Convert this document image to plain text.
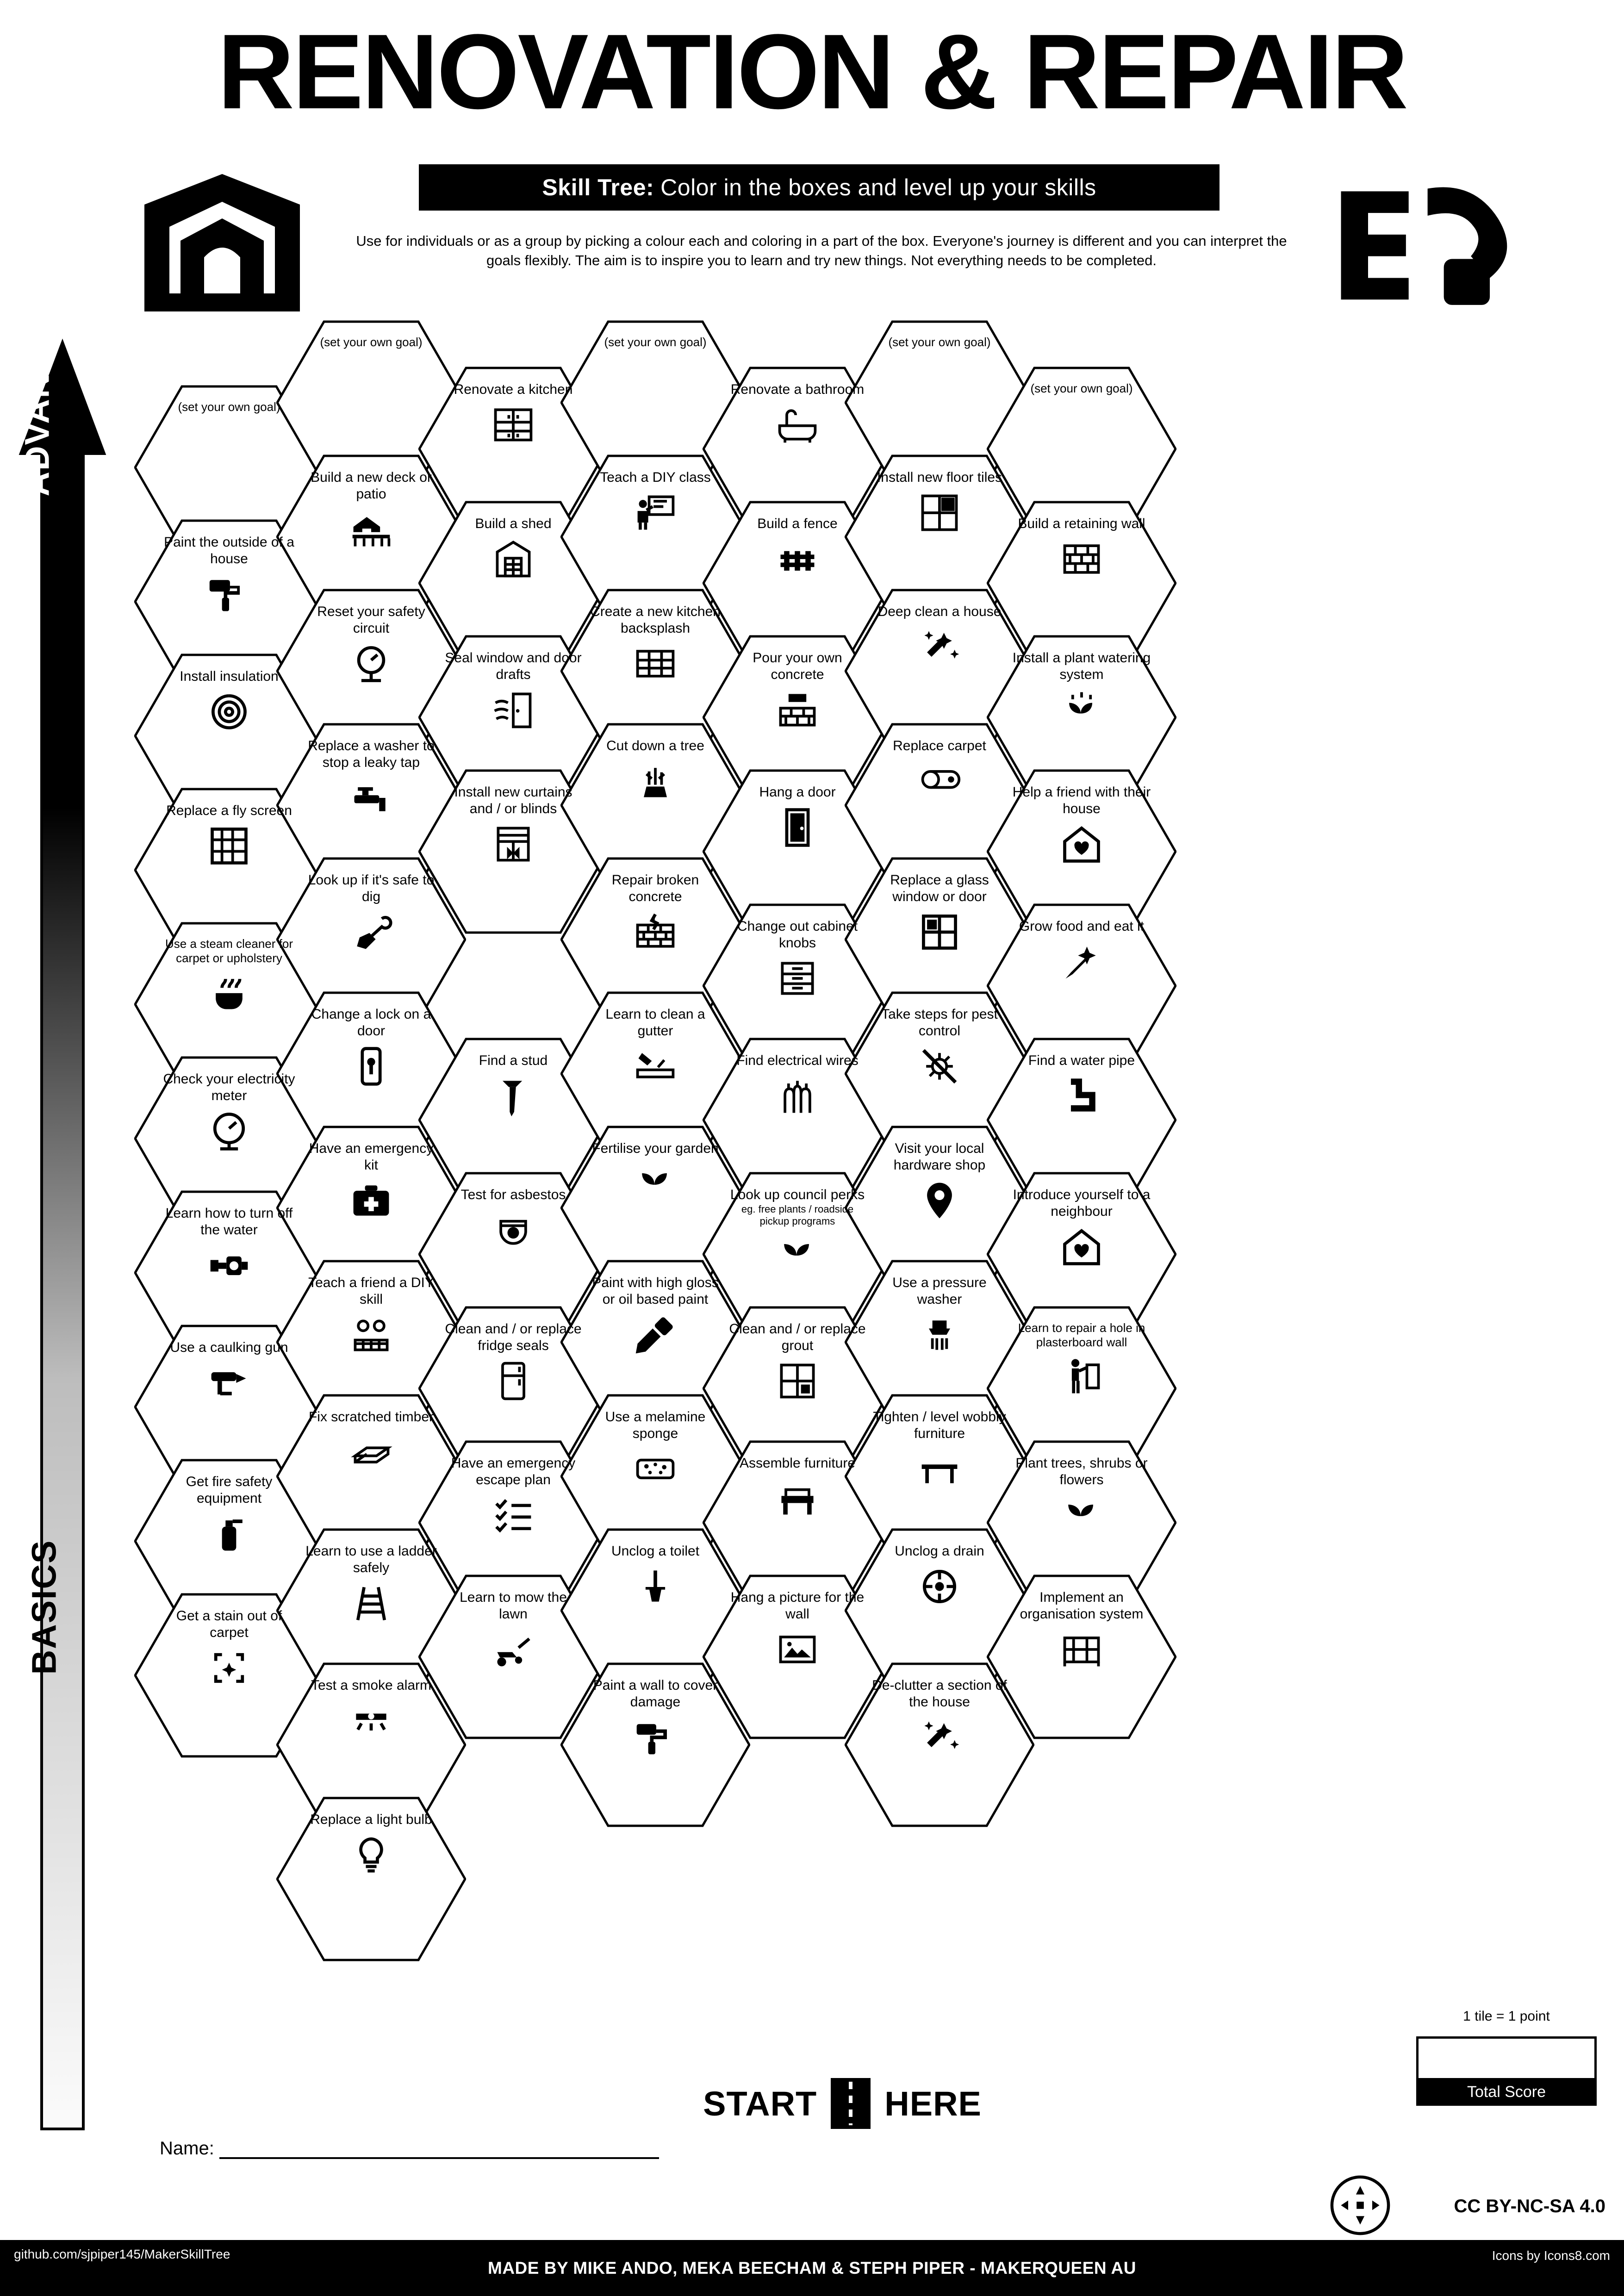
RENOVATION & REPAIR
Skill Tree: Color in the boxes and level up your skills
Use for individuals or as a group by picking a colour each and coloring in a part of the box. Everyone's journey is different and you can interpret the goals flexibly. The aim is to inspire you to learn and try new things. Not everything needs to be completed.
ADVANCED
BASICS
(set your own goal)
Paint the outside of a house
Install insulation
Replace a fly screen
Use a steam cleaner for carpet or upholstery
Check your electricity meter
Learn how to turn off the water
Use a caulking gun
Get fire safety equipment
Get a stain out of carpet
(set your own goal)
Build a new deck or patio
Reset your safety circuit
Replace a washer to stop a leaky tap
Look up if it's safe to dig
Change a lock on a door
Have an emergency kit
Teach a friend a DIY skill
Fix scratched timber
Learn to use a ladder safely
Test a smoke alarm
Replace a light bulb
Renovate a kitchen
Build a shed
Seal window and door drafts
Install new curtains and / or blinds
Find a stud
Test for asbestos
Clean and / or replace fridge seals
Have an emergency escape plan
Learn to mow the lawn
(set your own goal)
Teach a DIY class
Create a new kitchen backsplash
Cut down a tree
Repair broken concrete
Learn to clean a gutter
Fertilise your garden
Paint with high gloss or oil based paint
Use a melamine sponge
Unclog a toilet
Paint a wall to cover damage
Renovate a bathroom
Build a fence
Pour your own concrete
Hang a door
Change out cabinet knobs
Find electrical wires
Look up council perks
eg. free plants / roadside pickup programs
Clean and / or replace grout
Assemble furniture
Hang a picture for the wall
(set your own goal)
Install new floor tiles
Deep clean a house
Replace carpet
Replace a glass window or door
Take steps for pest control
Visit your local hardware shop
Use a pressure washer
Tighten / level wobbly furniture
Unclog a drain
De-clutter a section of the house
(set your own goal)
Build a retaining wall
Install a plant watering system
Help a friend with their house
Grow food and eat it
Find a water pipe
Introduce yourself to a neighbour
Learn to repair a hole in plasterboard wall
Plant trees, shrubs or flowers
Implement an organisation system
START HERE
1 tile = 1 point
Total Score
Name:
CC BY-NC-SA 4.0
MADE BY MIKE ANDO, MEKA BEECHAM & STEPH PIPER - MAKERQUEEN AU
github.com/sjpiper145/MakerSkillTree	Icons by Icons8.com
